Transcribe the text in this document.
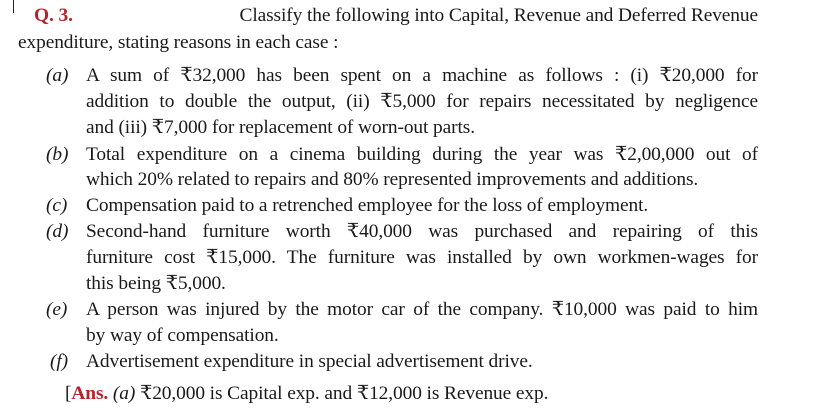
Q. 3.	Classify the following into Capital, Revenue and Deferred Revenue
expenditure, stating reasons in each case :
(a) A sum of ₹32,000 has been spent on a machine as follows : (i) ₹20,000 for
addition to double the output, (ii) ₹5,000 for repairs necessitated by negligence
and (iii) ₹7,000 for replacement of worn-out parts.
(b) Total expenditure on a cinema building during the year was ₹2,00,000 out of
which 20% related to repairs and 80% represented improvements and additions.
(c) Compensation paid to a retrenched employee for the loss of employment.
(d) Second-hand furniture worth ₹40,000 was purchased and repairing of this
furniture cost ₹15,000. The furniture was installed by own workmen-wages for
this being ₹5,000.
(e) A person was injured by the motor car of the company. ₹10,000 was paid to him
by way of compensation.
(f) Advertisement expenditure in special advertisement drive.
[Ans. (a) ₹20,000 is Capital exp. and ₹12,000 is Revenue exp.
